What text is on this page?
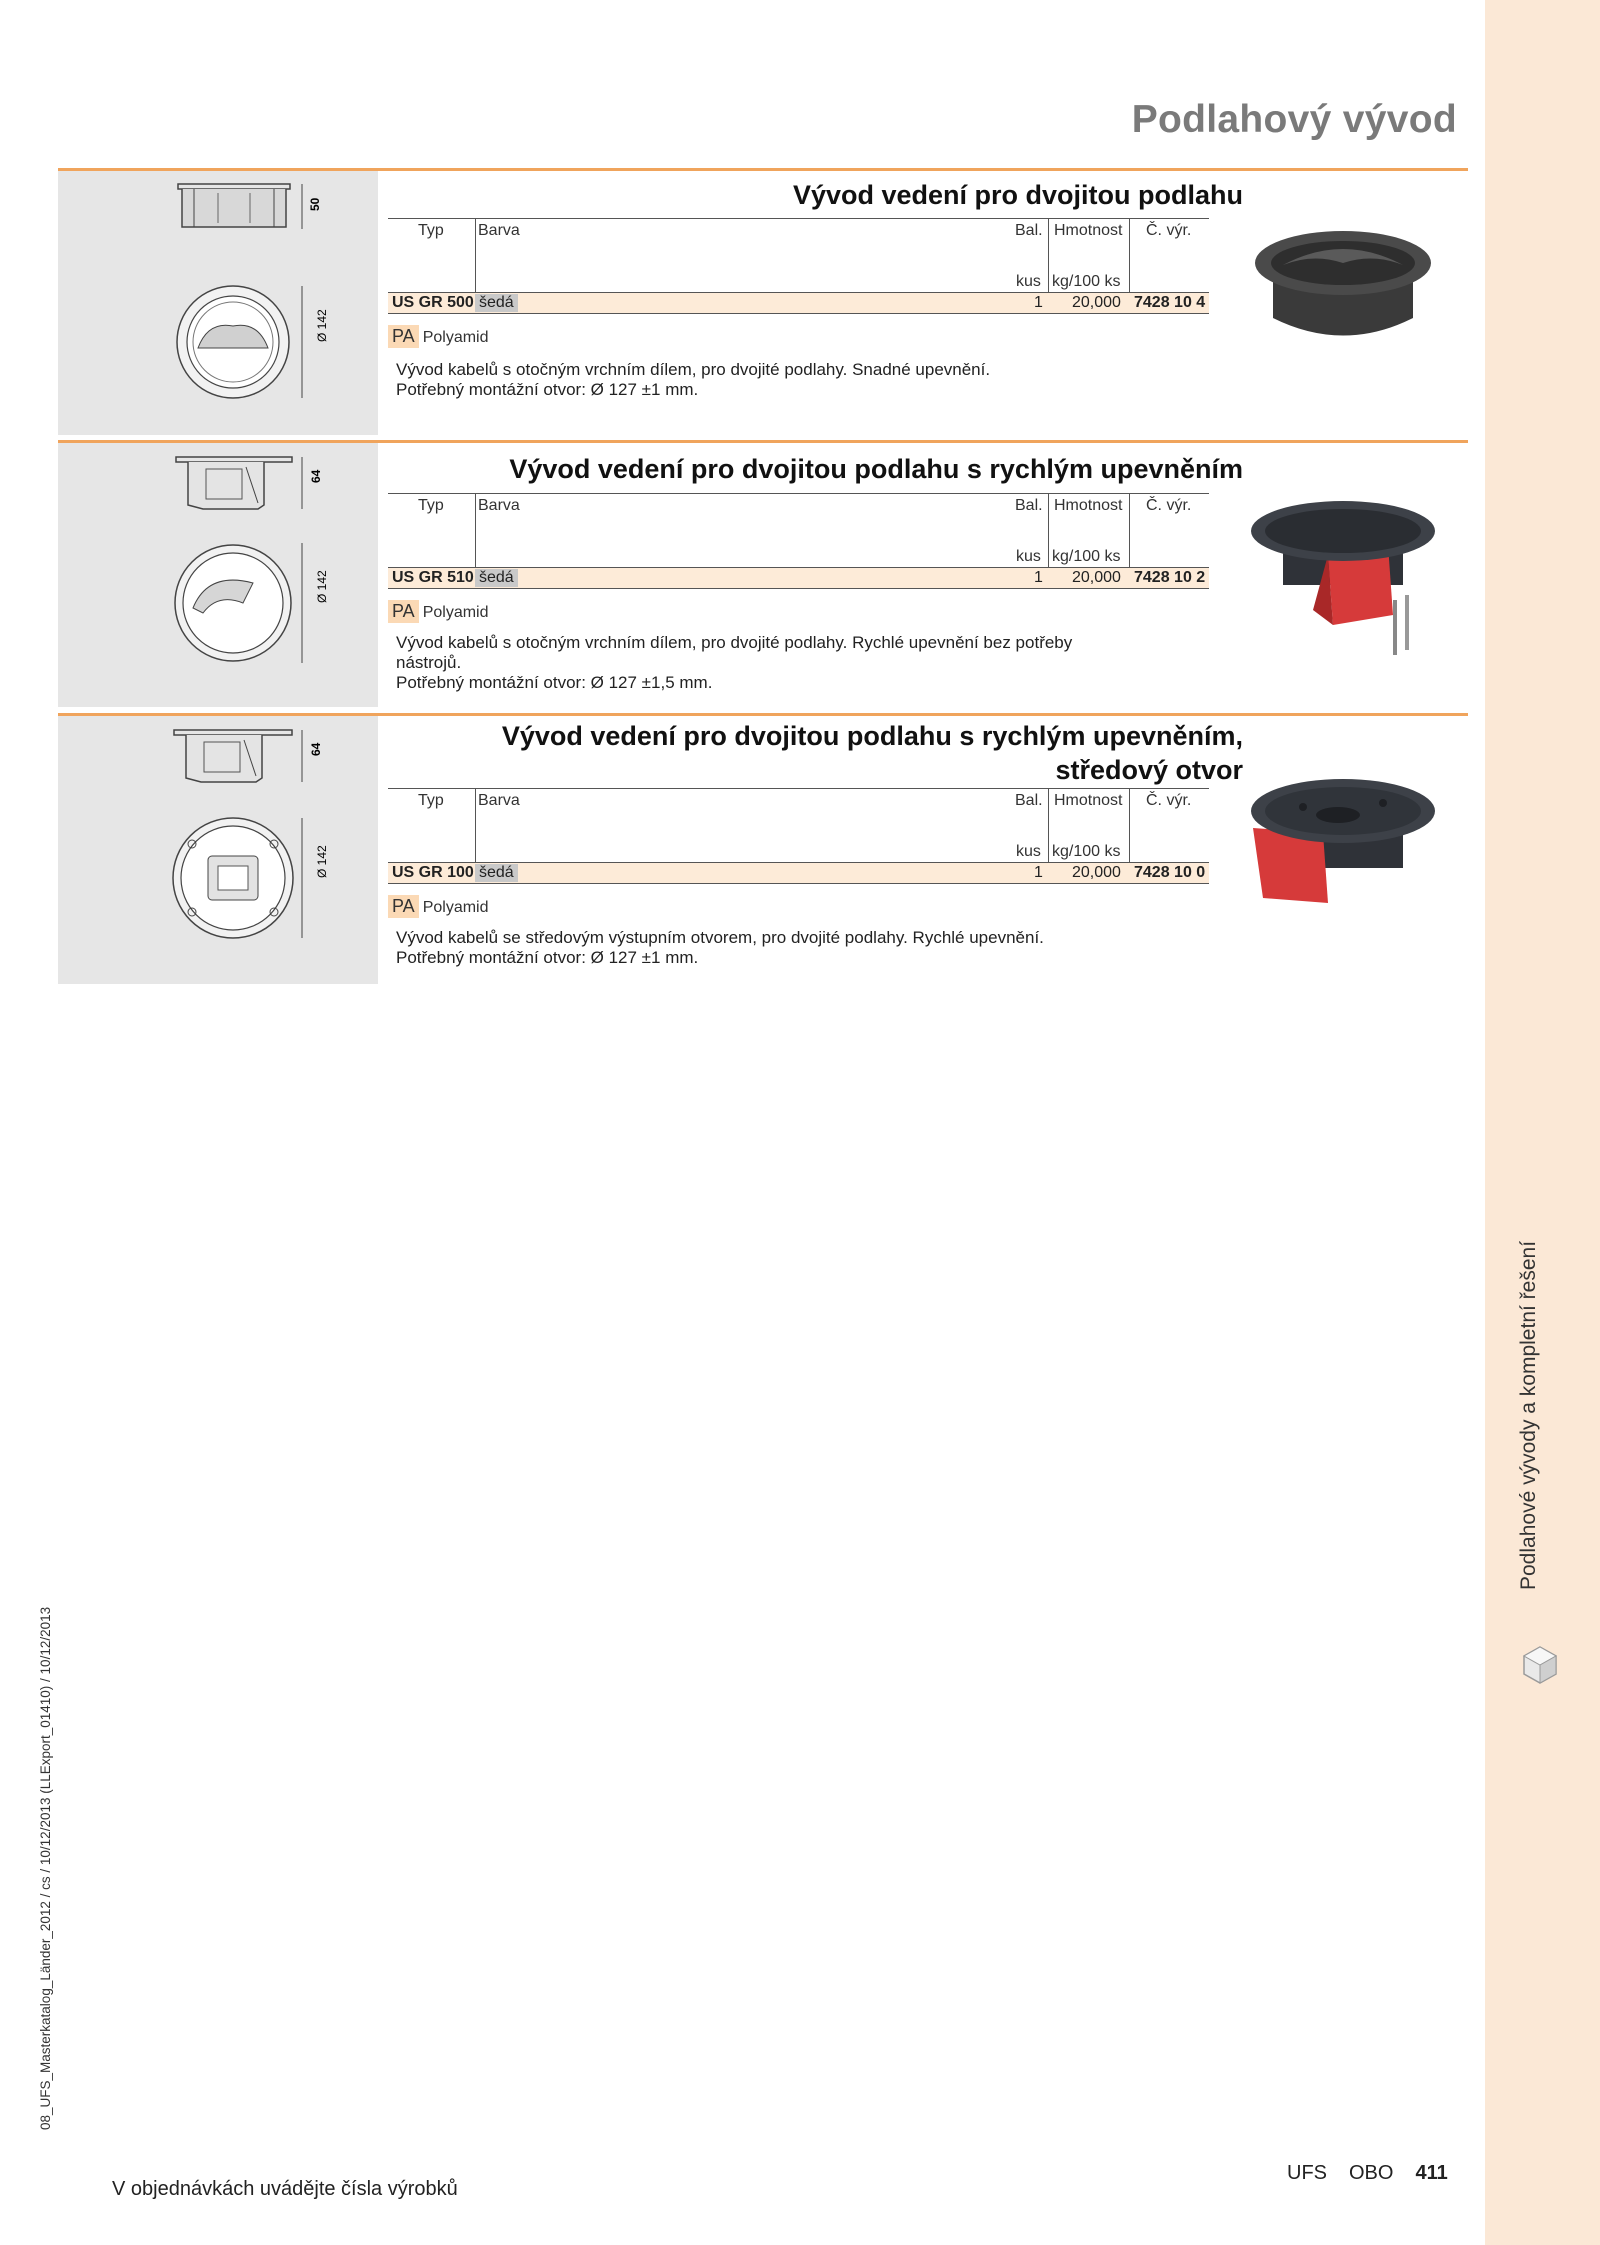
Podlahové vývody a kompletní řešení
08_UFS_Masterkatalog_Länder_2012 / cs / 10/12/2013 (LLExport_01410) / 10/12/2013
Podlahový vývod
50
Ø 142
Vývod vedení pro dvojitou podlahu
Typ Barva	Bal. Hmotnost Č. výr.
kus kg/100 ks
US GR 500 šedá	1 20,000 7428 10 4
PA Polyamid
Vývod kabelů s otočným vrchním dílem, pro dvojité podlahy. Snadné upevnění.
Potřebný montážní otvor: Ø 127 ±1 mm.
64
Ø 142
Vývod vedení pro dvojitou podlahu s rychlým upevněním
Typ Barva	Bal. Hmotnost Č. výr.
kus kg/100 ks
US GR 510 šedá	1 20,000 7428 10 2
PA Polyamid
Vývod kabelů s otočným vrchním dílem, pro dvojité podlahy. Rychlé upevnění bez potřeby
nástrojů.
Potřebný montážní otvor: Ø 127 ±1,5 mm.
64
Ø 142
Vývod vedení pro dvojitou podlahu s rychlým upevněním,
středový otvor
Typ Barva	Bal. Hmotnost Č. výr.
kus kg/100 ks
US GR 100 šedá	1 20,000 7428 10 0
PA Polyamid
Vývod kabelů se středovým výstupním otvorem, pro dvojité podlahy. Rychlé upevnění.
Potřebný montážní otvor: Ø 127 ±1 mm.
V objednávkách uvádějte čísla výrobků
UFS OBO 411
